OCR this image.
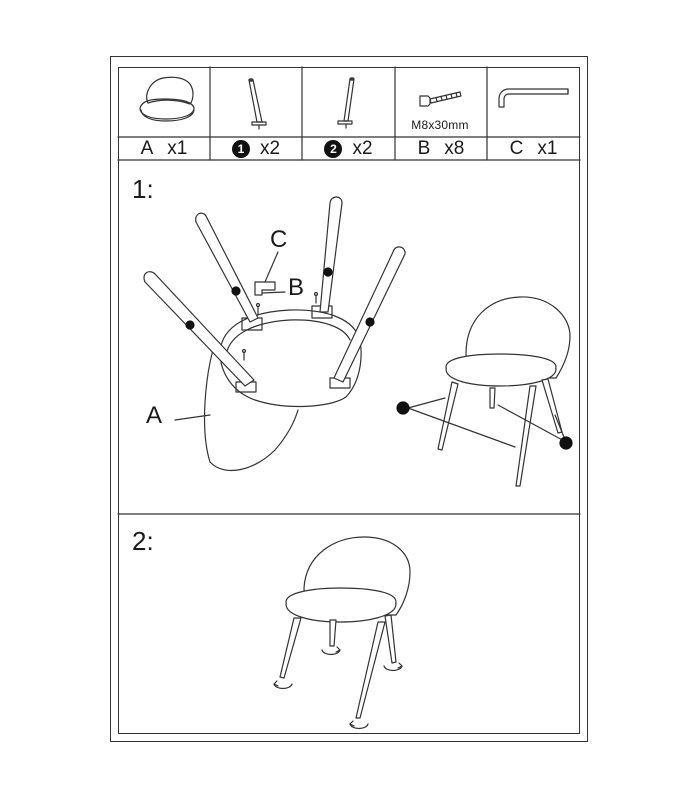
A x1	1 x2	2 x2 B x8 C x1
M8x30mm
1:
2:
A
C
B
